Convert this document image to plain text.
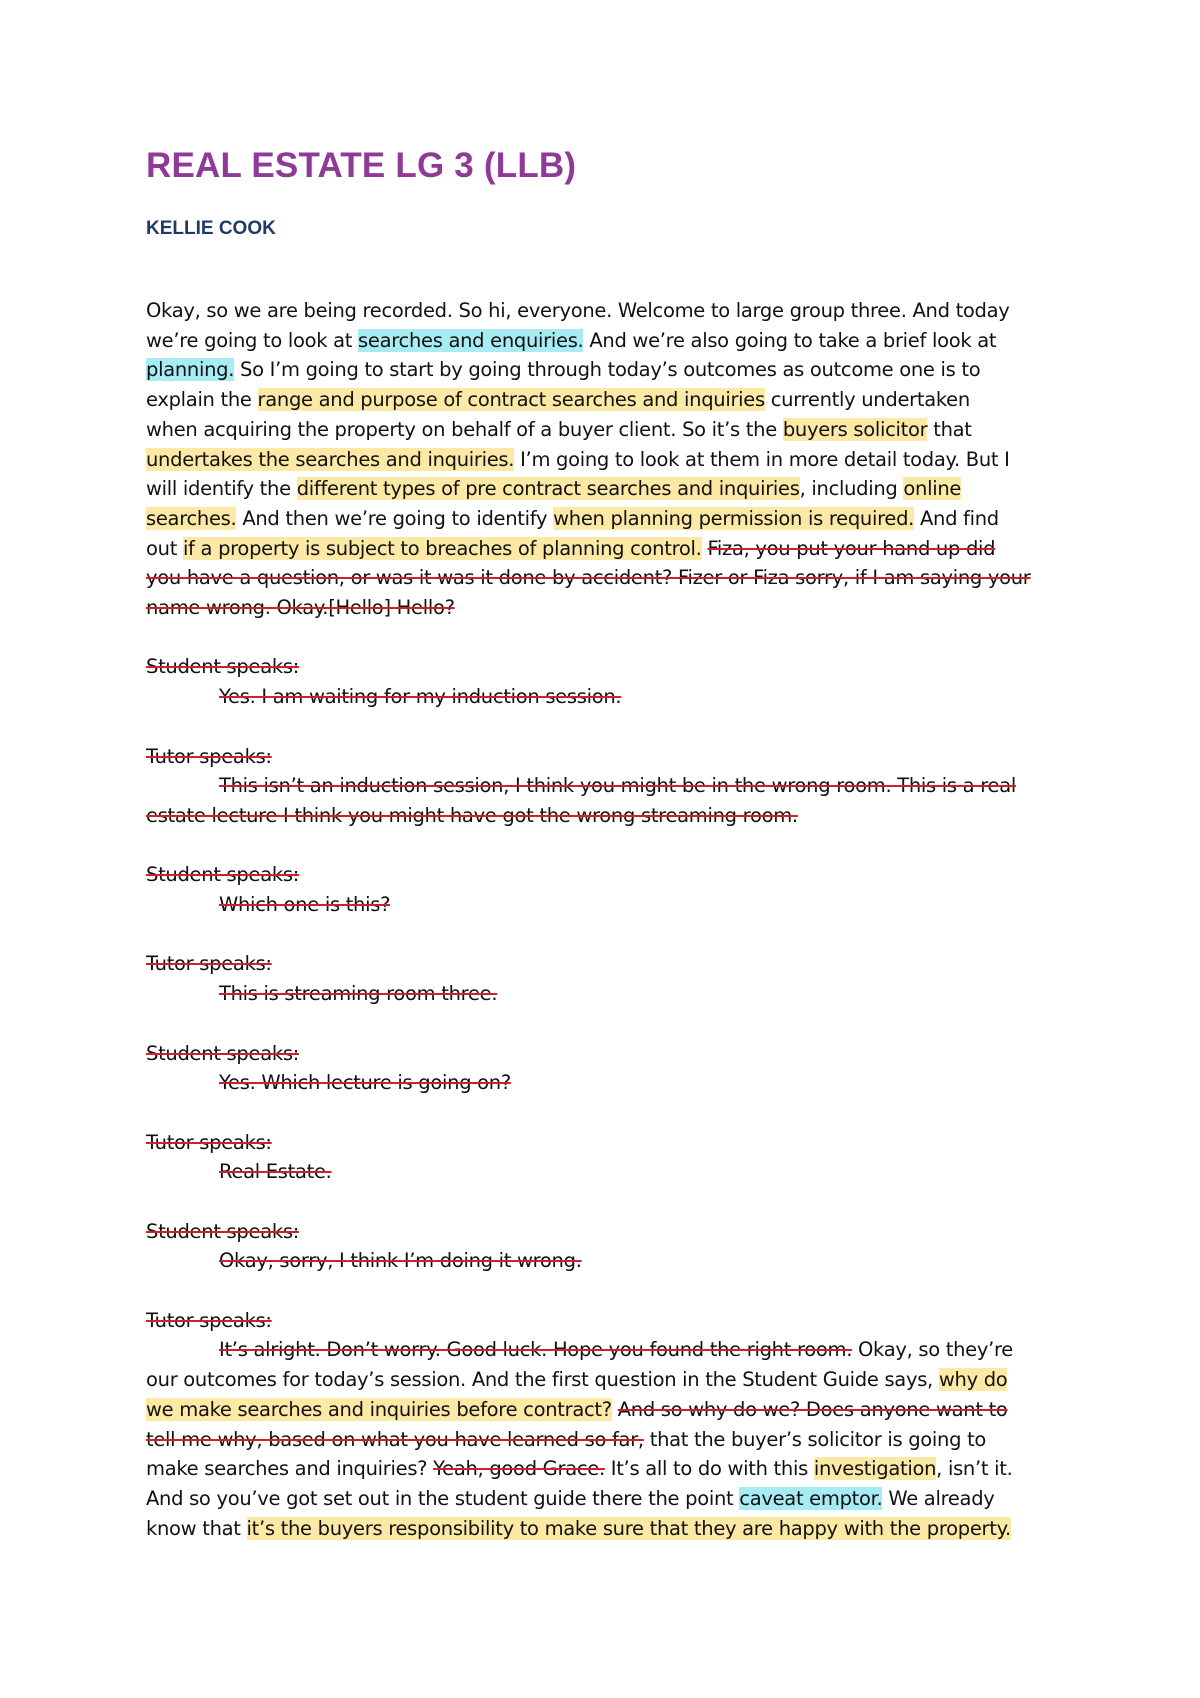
REAL ESTATE LG 3 (LLB)
KELLIE COOK
Okay, so we are being recorded. So hi, everyone. Welcome to large group three. And today
we’re going to look at searches and enquiries. And we’re also going to take a brief look at
planning. So I’m going to start by going through today’s outcomes as outcome one is to
explain the range and purpose of contract searches and inquiries currently undertaken
when acquiring the property on behalf of a buyer client. So it’s the buyers solicitor that
undertakes the searches and inquiries. I’m going to look at them in more detail today. But I
will identify the different types of pre contract searches and inquiries, including online
searches. And then we’re going to identify when planning permission is required. And find
out if a property is subject to breaches of planning control. Fiza, you put your hand up did
you have a question, or was it was it done by accident? Fizer or Fiza sorry, if I am saying your
name wrong. Okay.[Hello] Hello?
Student speaks:
Yes. I am waiting for my induction session.
Tutor speaks:
This isn’t an induction session, I think you might be in the wrong room. This is a real
estate lecture I think you might have got the wrong streaming room.
Student speaks:
Which one is this?
Tutor speaks:
This is streaming room three.
Student speaks:
Yes. Which lecture is going on?
Tutor speaks:
Real Estate.
Student speaks:
Okay, sorry, I think I’m doing it wrong.
Tutor speaks:
It’s alright. Don’t worry. Good luck. Hope you found the right room. Okay, so they’re
our outcomes for today’s session. And the first question in the Student Guide says, why do
we make searches and inquiries before contract? And so why do we? Does anyone want to
tell me why, based on what you have learned so far, that the buyer’s solicitor is going to
make searches and inquiries? Yeah, good Grace. It’s all to do with this investigation, isn’t it.
And so you’ve got set out in the student guide there the point caveat emptor. We already
know that it’s the buyers responsibility to make sure that they are happy with the property.
